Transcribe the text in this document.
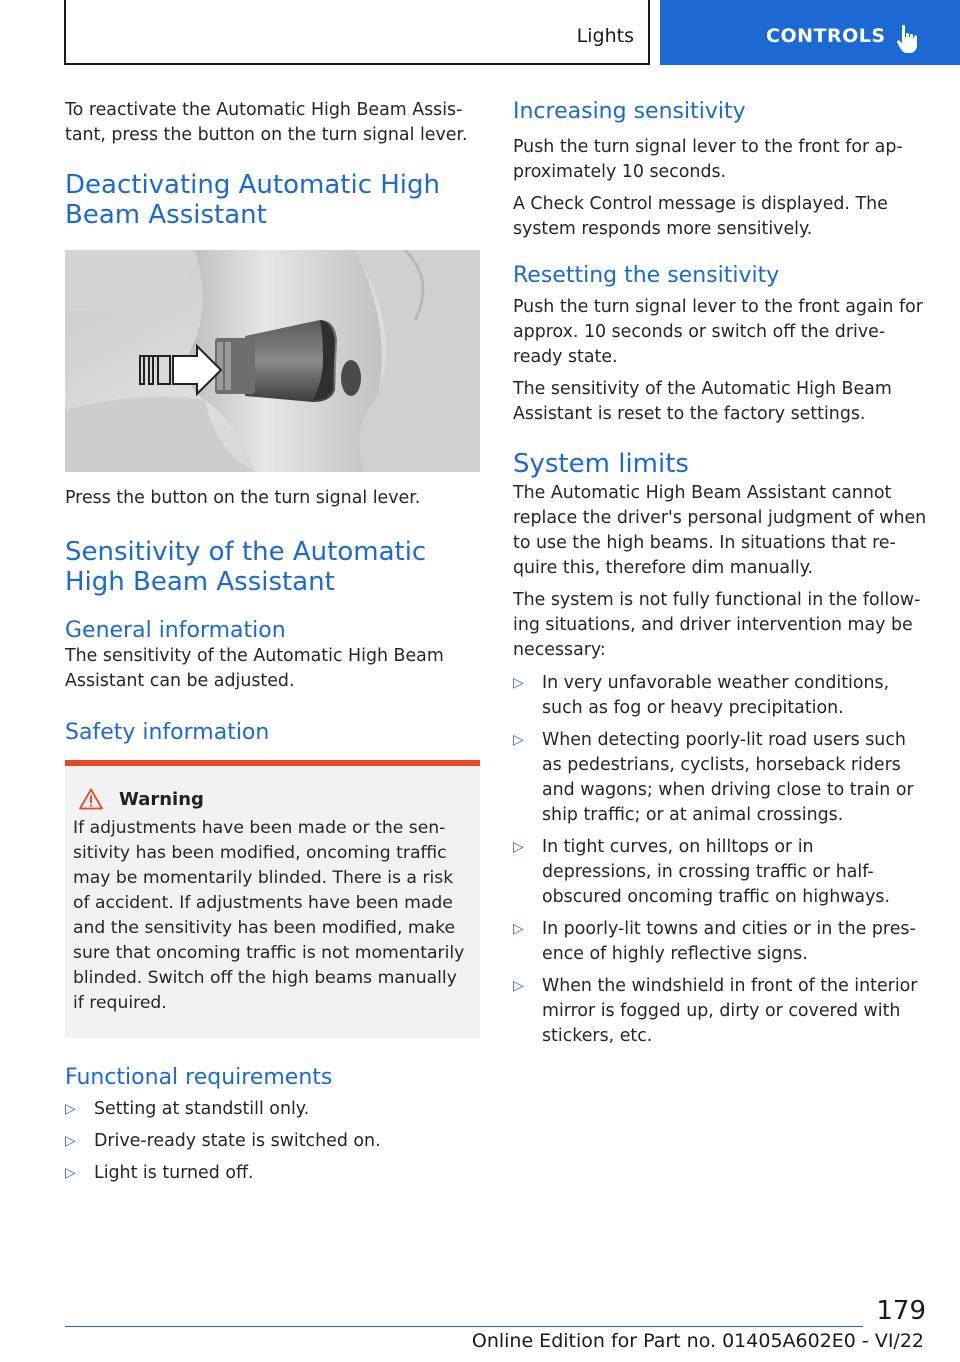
Lights	CONTROLS

To reactivate the Automatic High Beam Assistant, press the button on the turn signal lever.

Deactivating Automatic High Beam Assistant

Press the button on the turn signal lever.

Sensitivity of the Automatic High Beam Assistant
General information

The sensitivity of the Automatic High Beam Assistant can be adjusted.

Safety information
Warning

If adjustments have been made or the sensitivity has been modified, oncoming traffic may be momentarily blinded. There is a risk of accident. If adjustments have been made and the sensitivity has been modified, make sure that oncoming traffic is not momentarily blinded. Switch off the high beams manually if required.

Functional requirements
▷ Setting at standstill only.
▷ Drive-ready state is switched on.
▷ Light is turned off.
Increasing sensitivity

Push the turn signal lever to the front for approximately 10 seconds.

A Check Control message is displayed. The system responds more sensitively.

Resetting the sensitivity

Push the turn signal lever to the front again for approx. 10 seconds or switch off the drive-ready state.

The sensitivity of the Automatic High Beam Assistant is reset to the factory settings.

System limits

The Automatic High Beam Assistant cannot replace the driver's personal judgment of when to use the high beams. In situations that require this, therefore dim manually.

The system is not fully functional in the following situations, and driver intervention may be necessary:

▷ In very unfavorable weather conditions, such as fog or heavy precipitation.
▷ When detecting poorly-lit road users such as pedestrians, cyclists, horseback riders and wagons; when driving close to train or ship traffic; or at animal crossings.
▷ In tight curves, on hilltops or in depressions, in crossing traffic or half-obscured oncoming traffic on highways.
▷ In poorly-lit towns and cities or in the presence of highly reflective signs.
▷ When the windshield in front of the interior mirror is fogged up, dirty or covered with stickers, etc.
179
Online Edition for Part no. 01405A602E0 - VI/22
